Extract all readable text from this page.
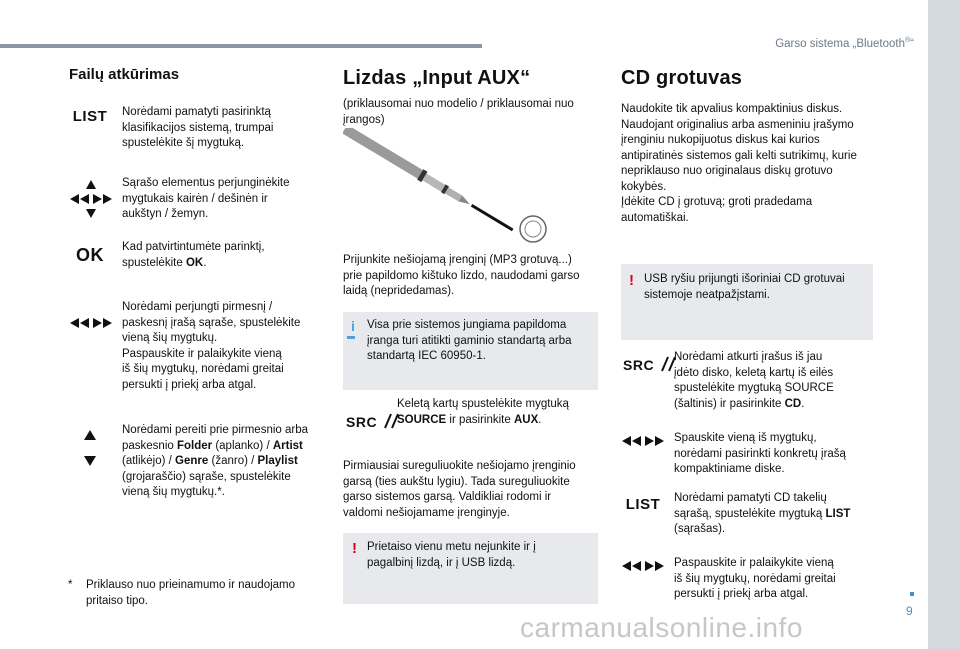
Garso sistema „Bluetooth®“
9
Failų atkūrimas
LIST	Norėdami pamatyti pasirinktą
klasifikacijos sistemą, trumpai
spustelėkite šį mygtuką.
Sąrašo elementus perjunginėkite
mygtukais kairėn / dešinėn ir
aukštyn / žemyn.
OK	Kad patvirtintumėte parinktį,
spustelėkite OK.
Norėdami perjungti pirmesnį /
paskesnį įrašą sąraše, spustelėkite
vieną šių mygtukų.
Paspauskite ir palaikykite vieną
iš šių mygtukų, norėdami greitai
persukti į priekį arba atgal.
Norėdami pereiti prie pirmesnio arba
paskesnio Folder (aplanko) / Artist
(atlikėjo) / Genre (žanro) / Playlist
(grojaraščio) sąraše, spustelėkite
vieną šių mygtukų.*.
* Priklauso nuo prieinamumo ir naudojamo
pritaiso tipo.
Lizdas „Input AUX“
(priklausomai nuo modelio / priklausomai nuo
įrangos)
Prijunkite nešiojamą įrenginį (MP3 grotuvą...)
prie papildomo kištuko lizdo, naudodami garso
laidą (nepridedamas).
i Visa prie sistemos jungiama papildoma
įranga turi atitikti gaminio standartą arba
standartą IEC 60950-1.
SRC
Keletą kartų spustelėkite mygtuką
SOURCE ir pasirinkite AUX.
Pirmiausiai sureguliuokite nešiojamo įrenginio
garsą (ties aukštu lygiu). Tada sureguliuokite
garso sistemos garsą. Valdikliai rodomi ir
valdomi nešiojamame įrenginyje.
! Prietaiso vienu metu nejunkite ir į
pagalbinį lizdą, ir į USB lizdą.
CD grotuvas
Naudokite tik apvalius kompaktinius diskus.
Naudojant originalius arba asmeniniu įrašymo
įrenginiu nukopijuotus diskus kai kurios
antipiratinės sistemos gali kelti sutrikimų, kurie
nepriklauso nuo originalaus diskų grotuvo
kokybės.
Įdėkite CD į grotuvą; groti pradedama
automatiškai.
! USB ryšiu prijungti išoriniai CD grotuvai
sistemoje neatpažįstami.
SRC	Norėdami atkurti įrašus iš jau
įdėto disko, keletą kartų iš eilės
spustelėkite mygtuką SOURCE
(šaltinis) ir pasirinkite CD.
Spauskite vieną iš mygtukų,
norėdami pasirinkti konkretų įrašą
kompaktiniame diske.
LIST	Norėdami pamatyti CD takelių
sąrašą, spustelėkite mygtuką LIST
(sąrašas).
Paspauskite ir palaikykite vieną
iš šių mygtukų, norėdami greitai
persukti į priekį arba atgal.
carmanualsonline.info
